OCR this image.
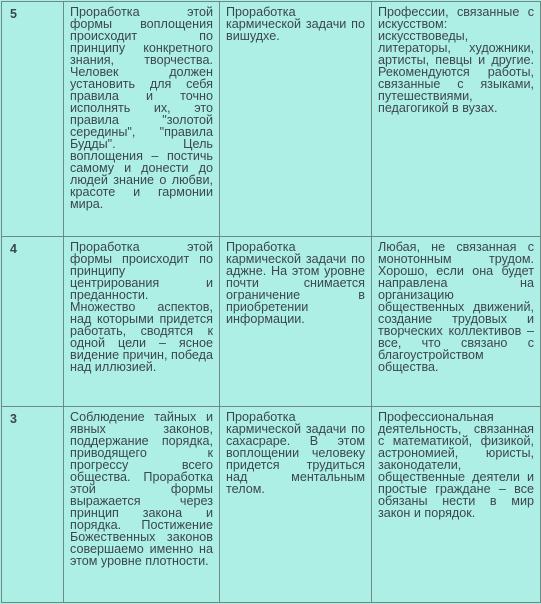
5	Проработка этой формы воплощения происходит по принципу конкретного знания, творчества. Человек должен установить для себя правила и точно исполнять их, это правила "золотой середины", "правила Будды". Цель воплощения – постичь самому и донести до людей знание о любви, красоте и гармонии мира.	Проработка кармической задачи по вишудхе.	Профессии, связанные с искусством: искусствоведы, литераторы, художники, артисты, певцы и другие. Рекомендуются работы, связанные с языками, путешествиями, педагогикой в вузах.

4	Проработка этой формы происходит по принципу центрирования и преданности. Множество аспектов, над которыми придется работать, сводятся к одной цели – ясное видение причин, победа над иллюзией.	Проработка кармической задачи по аджне. На этом уровне почти снимается ограничение в приобретении информации.	Любая, не связанная с монотонным трудом. Хорошо, если она будет направлена на организацию общественных движений, создание трудовых и творческих коллективов – все, что связано с благоустройством общества.

3	Соблюдение тайных и явных законов, поддержание порядка, приводящего к прогрессу всего общества. Проработка этой формы выражается через принцип закона и порядка. Постижение Божественных законов совершаемо именно на этом уровне плотности.	Проработка кармической задачи по сахасраре. В этом воплощении человеку придется трудиться над ментальным телом.	Профессиональная деятельность, связанная с математикой, физикой, астрономией, юристы, законодатели, общественные деятели и простые граждане – все обязаны нести в мир закон и порядок.
